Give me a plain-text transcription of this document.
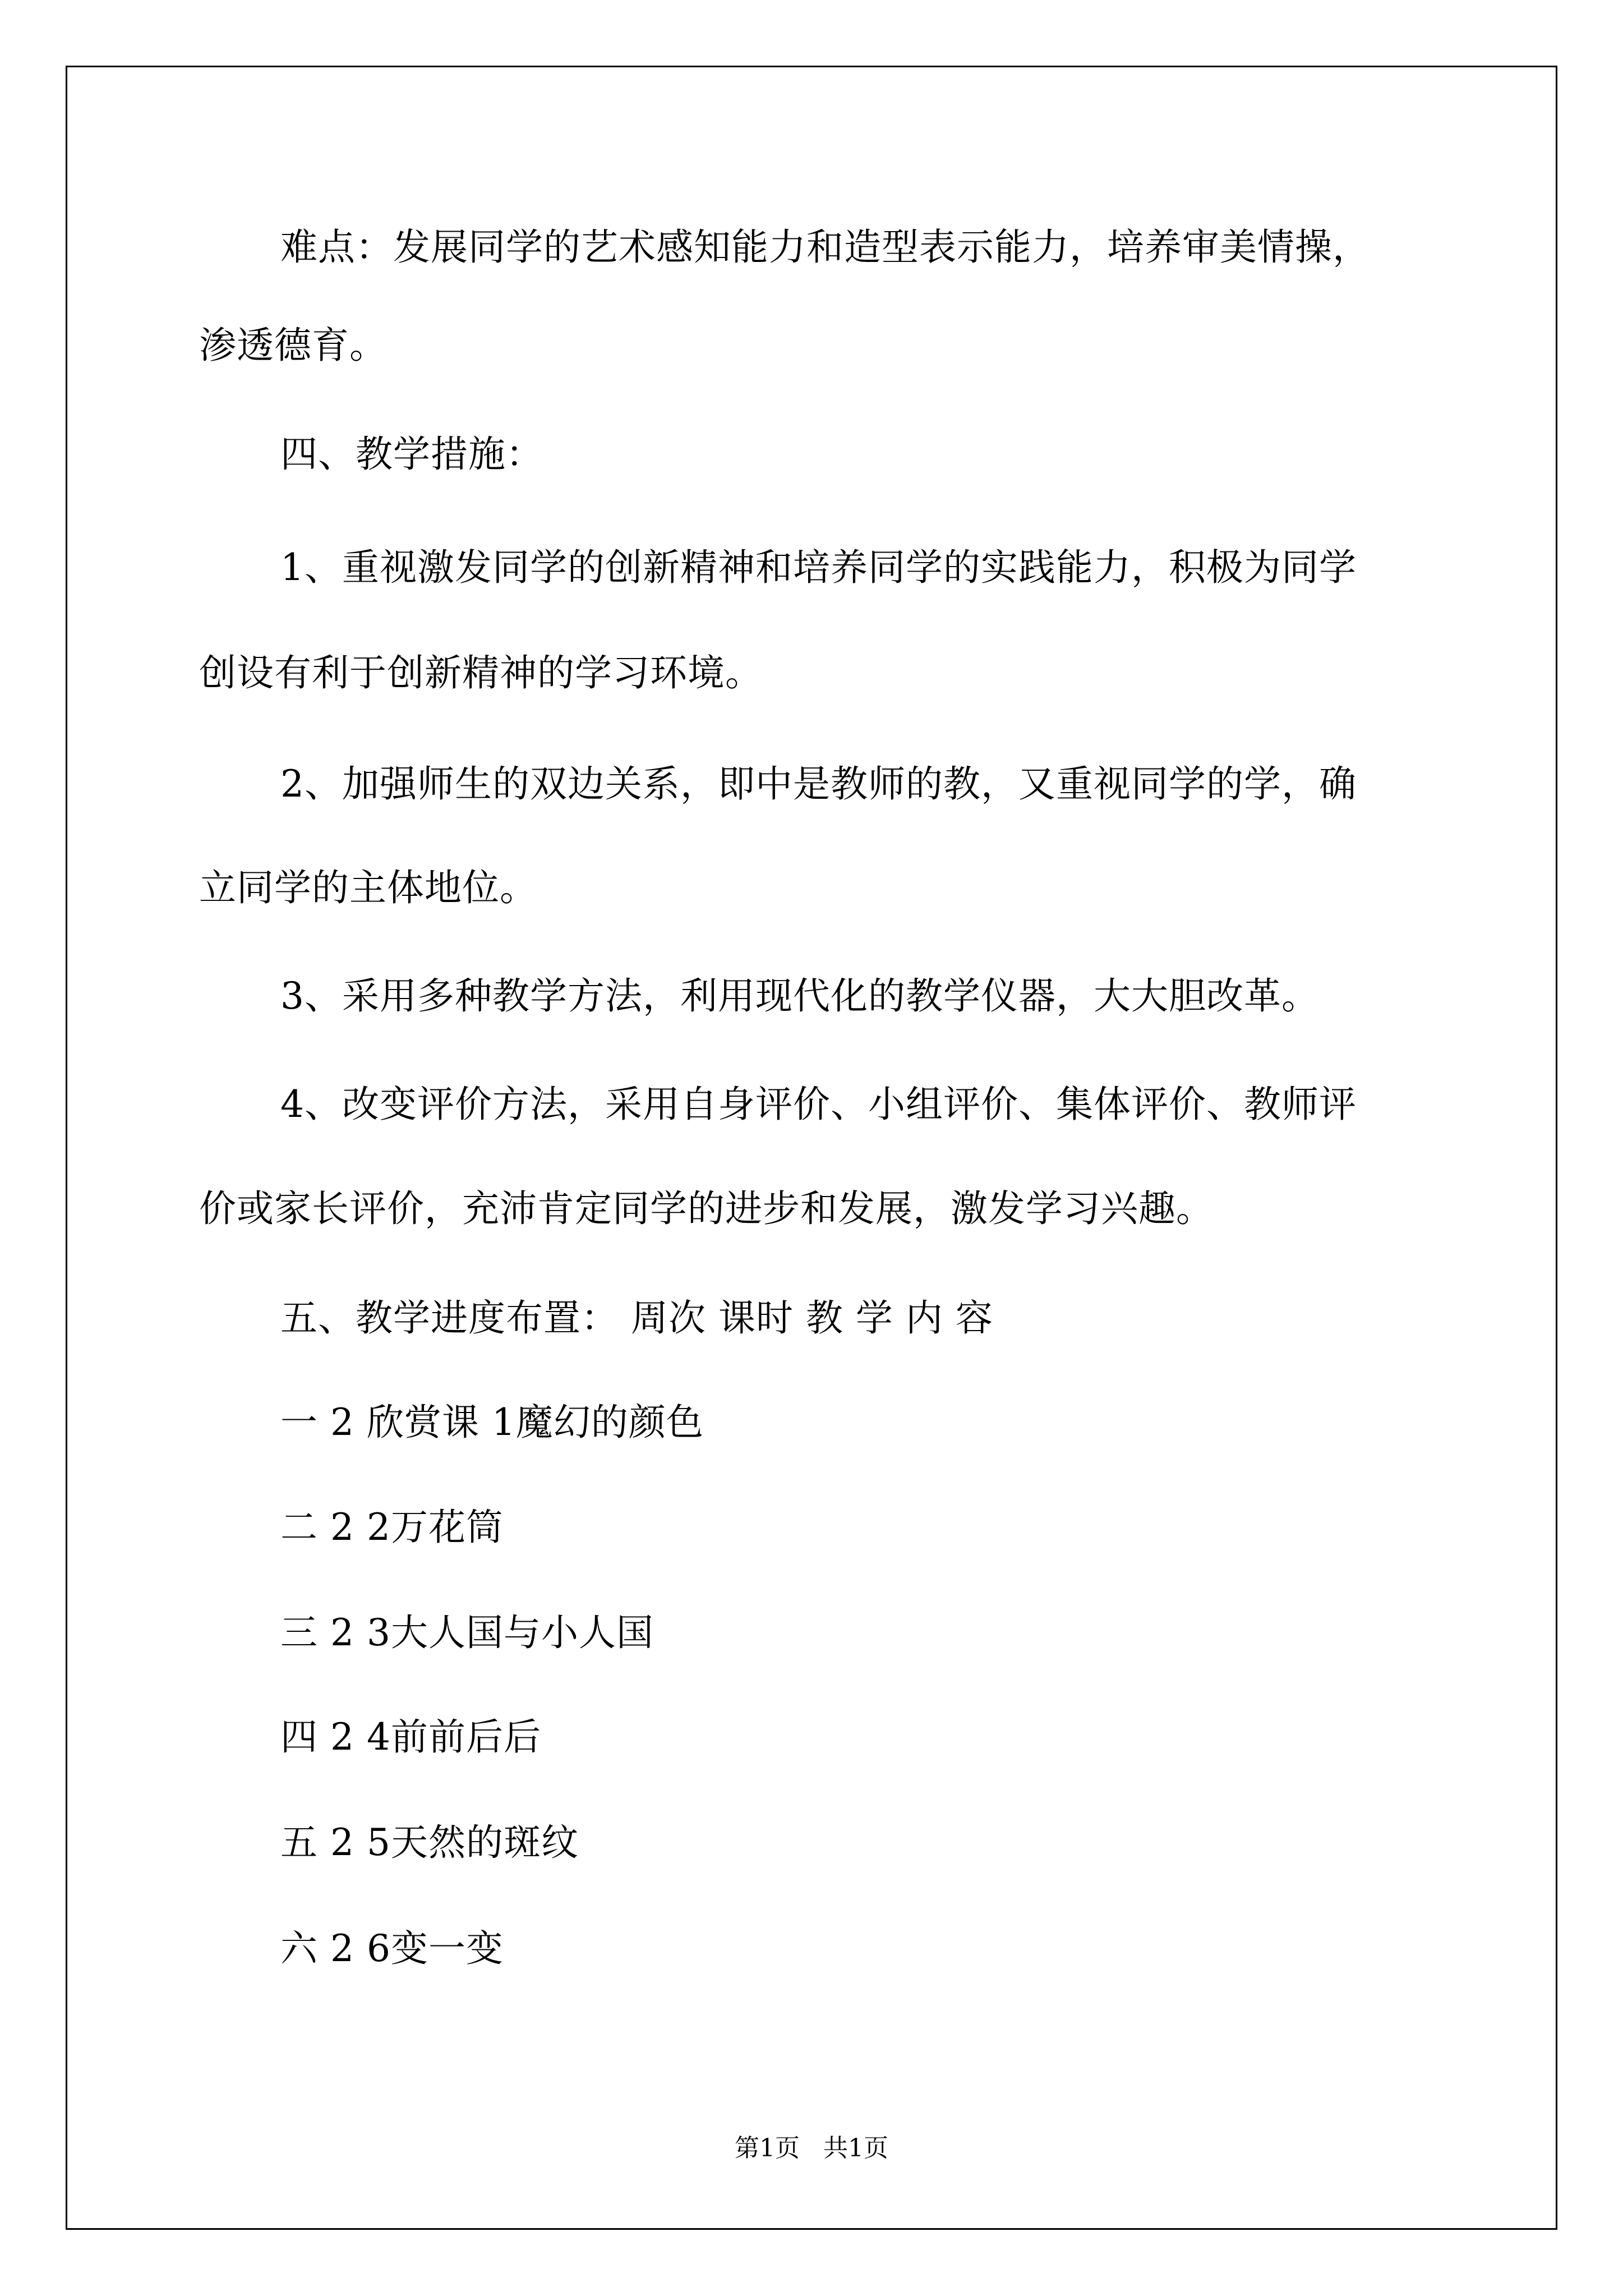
难点：发展同学的艺术感知能力和造型表示能力，培养审美情操，
渗透德育。
四、教学措施：
1、重视激发同学的创新精神和培养同学的实践能力，积极为同学
创设有利于创新精神的学习环境。
2、加强师生的双边关系，即中是教师的教，又重视同学的学，确
立同学的主体地位。
3、采用多种教学方法，利用现代化的教学仪器，大大胆改革。
4、改变评价方法，采用自身评价、小组评价、集体评价、教师评
价或家长评价，充沛肯定同学的进步和发展，激发学习兴趣。
五、教学进度布置： 周次 课时 教 学 内 容
一 2 欣赏课 1魔幻的颜色
二 2 2万花筒
三 2 3大人国与小人国
四 2 4前前后后
五 2 5天然的斑纹
六 2 6变一变
第1页   共1页
